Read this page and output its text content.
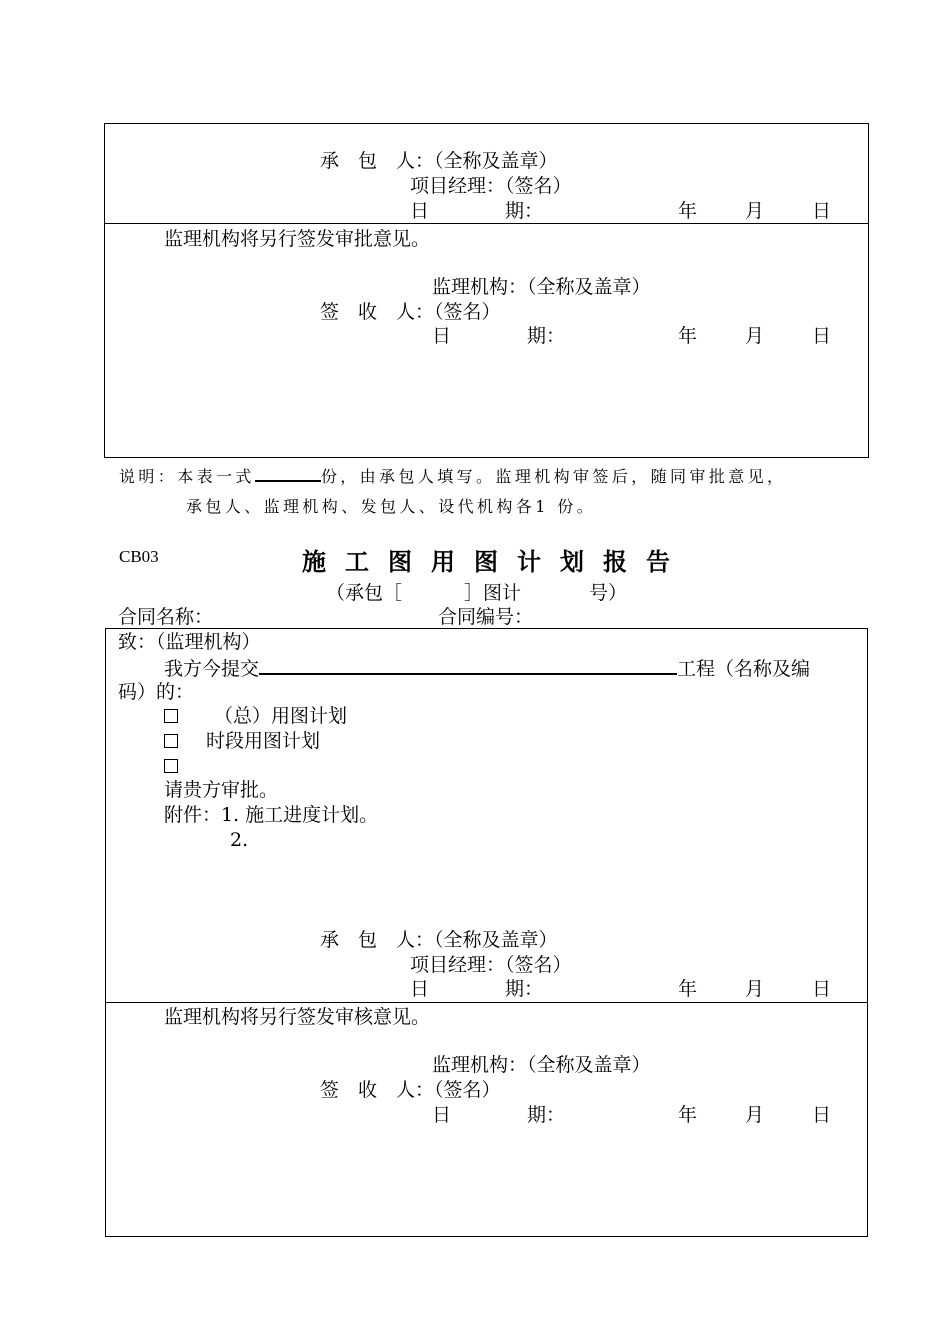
承　包　人：（全称及盖章）
项目经理：（签名）
日　　　　期：	年	月	日
监理机构将另行签发审批意见。
监理机构：（全称及盖章）
签　收　人：（签名）
日　　　　期：	年	月	日
说明：本表一式	份，由承包人填写。监理机构审签后，随同审批意见，
承包人、监理机构、发包人、设代机构各1 份。
CB03	施工图用图计划报告
（承包［	］图计	号）
合同名称：	合同编号：
致：（监理机构）
我方今提交	工程（名称及编
码）的：
（总）用图计划
时段用图计划
请贵方审批。
附件：1. 施工进度计划。
2.
承　包　人：（全称及盖章）
项目经理：（签名）
日　　　　期：	年	月	日
监理机构将另行签发审核意见。
监理机构：（全称及盖章）
签　收　人：（签名）
日　　　　期：	年	月	日
